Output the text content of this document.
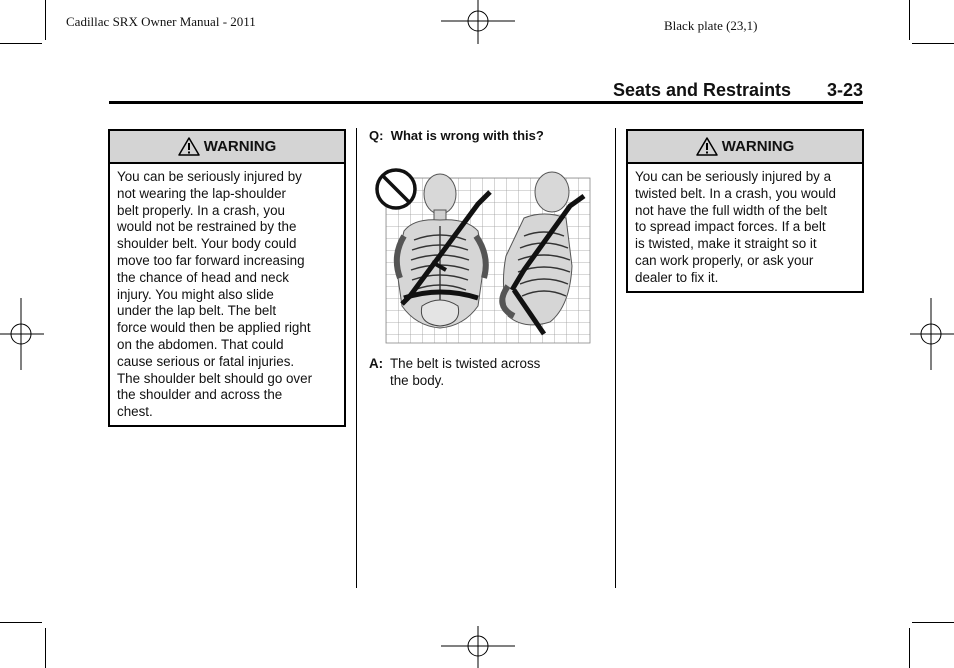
Cadillac SRX Owner Manual - 2011	Black plate (23,1)
Seats and Restraints 3-23
WARNING
You can be seriously injured by
not wearing the lap-shoulder
belt properly. In a crash, you
would not be restrained by the
shoulder belt. Your body could
move too far forward increasing
the chance of head and neck
injury. You might also slide
under the lap belt. The belt
force would then be applied right
on the abdomen. That could
cause serious or fatal injuries.
The shoulder belt should go over
the shoulder and across the
chest.
Q: What is wrong with this?
A: The belt is twisted across
the body.
WARNING
You can be seriously injured by a
twisted belt. In a crash, you would
not have the full width of the belt
to spread impact forces. If a belt
is twisted, make it straight so it
can work properly, or ask your
dealer to fix it.
